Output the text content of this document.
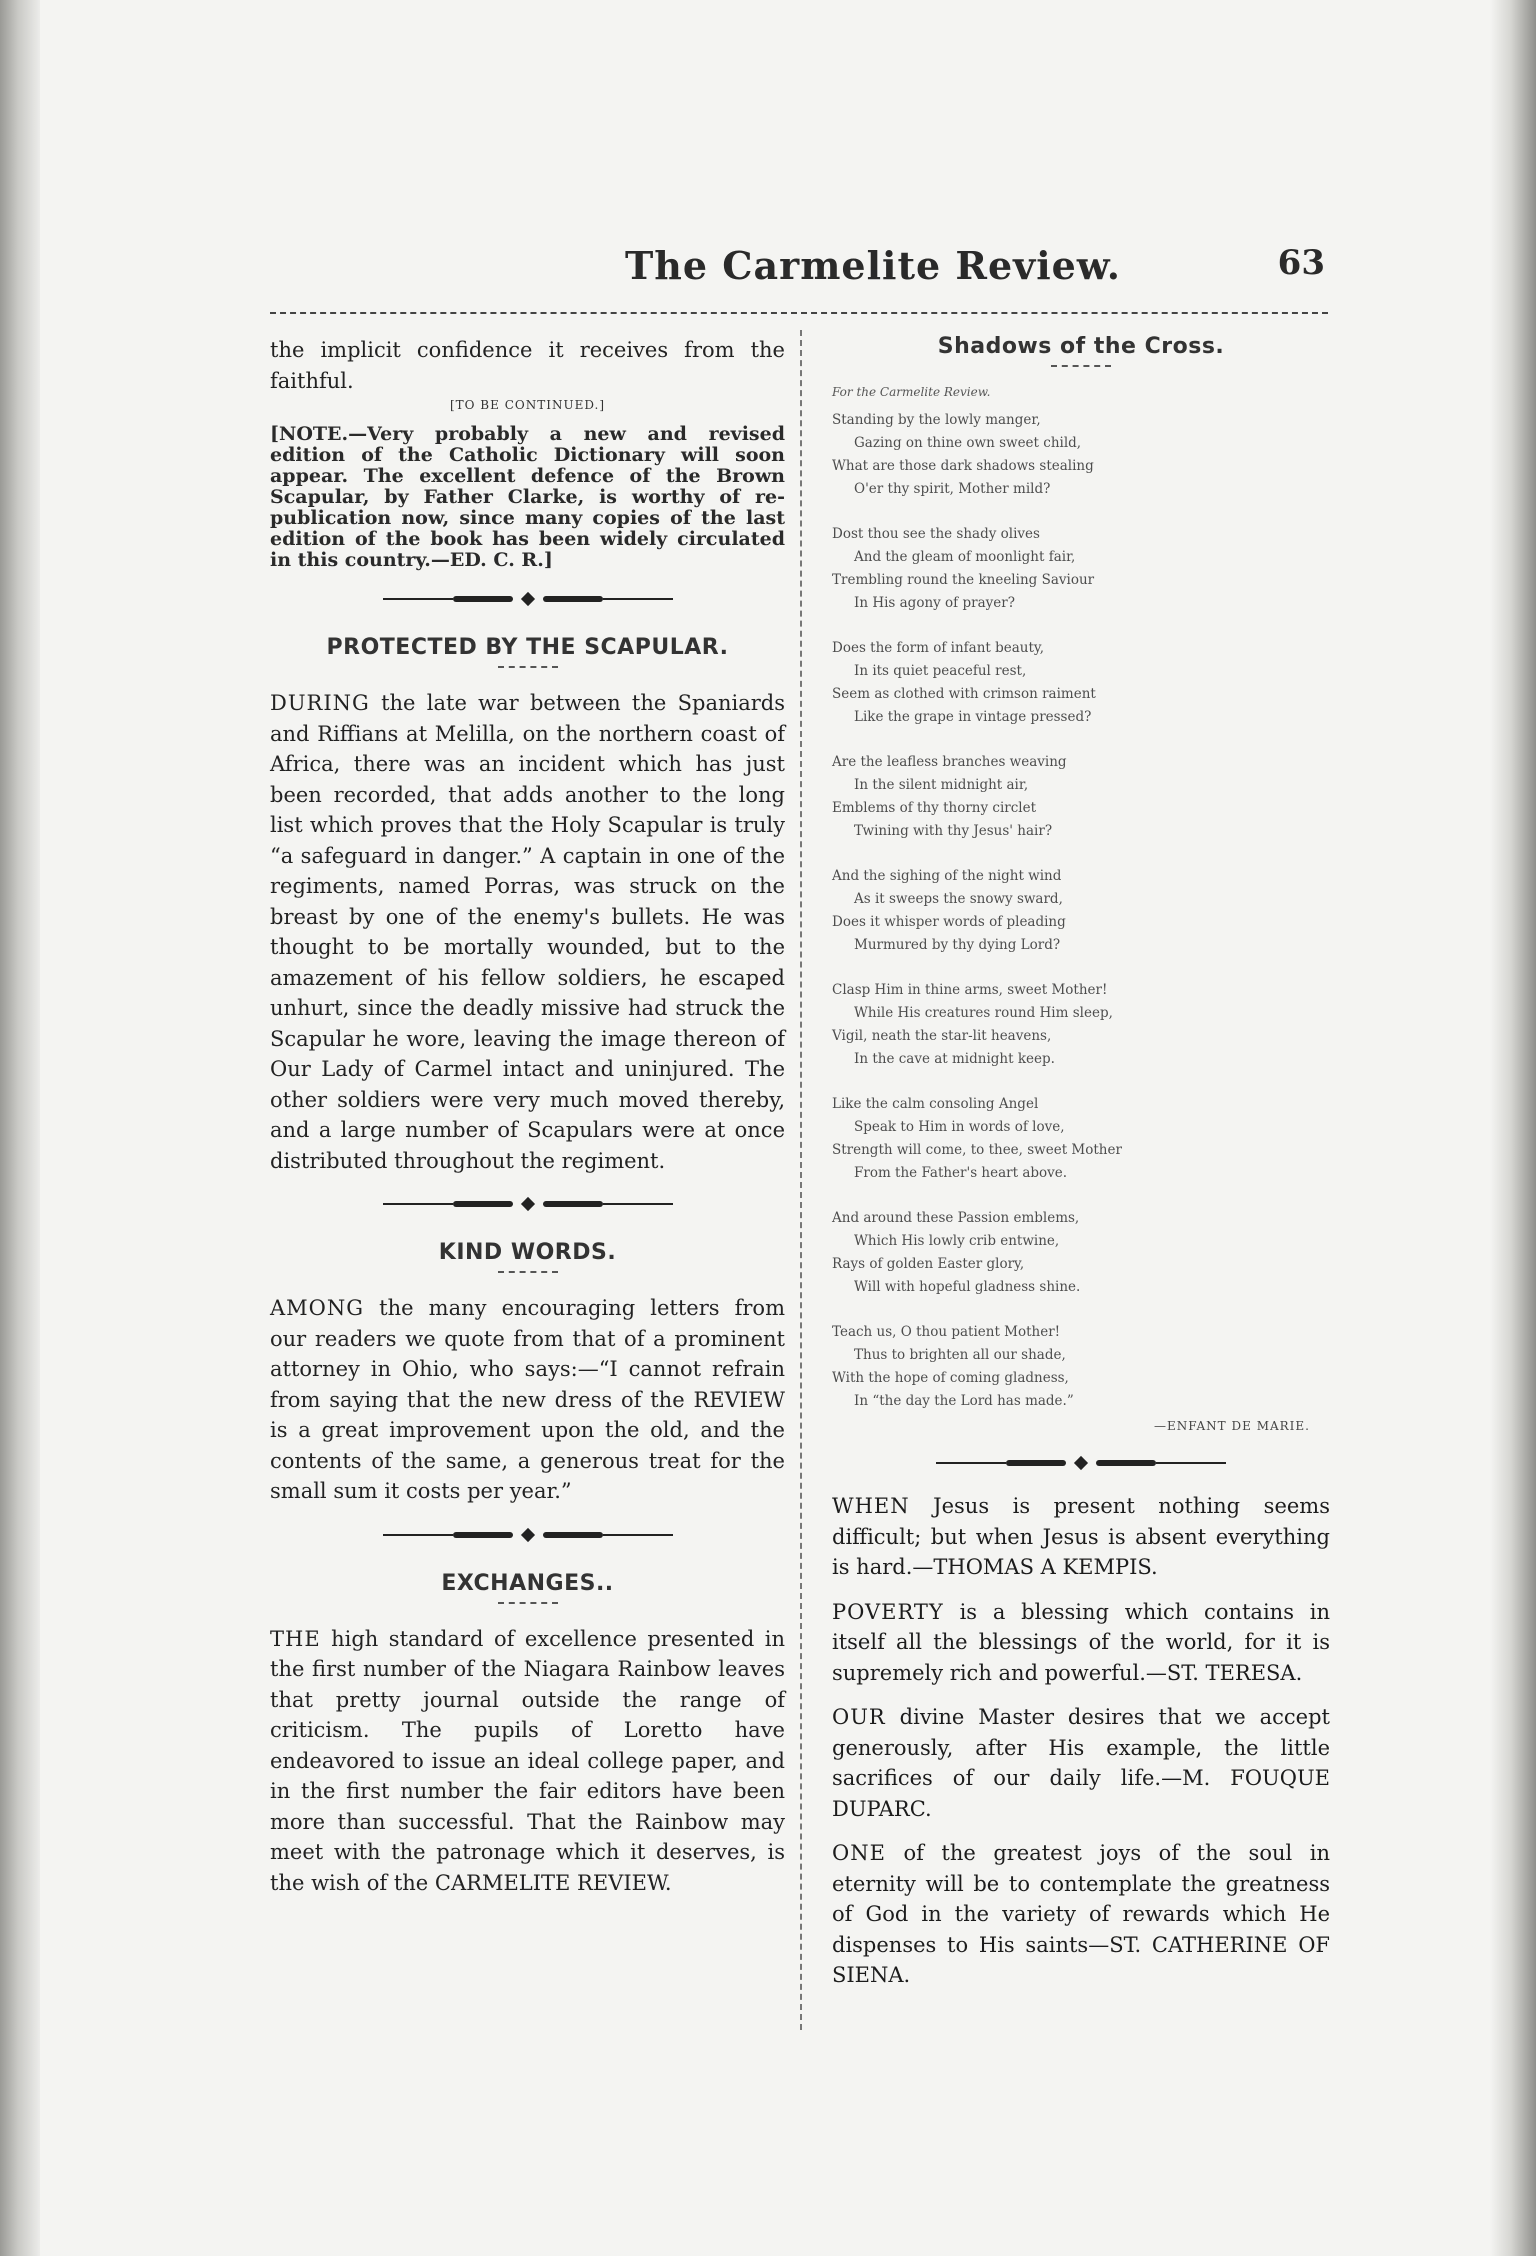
The Carmelite Review.	63

the implicit confidence it receives from the faithful.

[TO BE CONTINUED.]

[NOTE.—Very probably a new and revised edition of the Catholic Dictionary will soon appear. The excellent defence of the Brown Scapular, by Father Clarke, is worthy of re-publication now, since many copies of the last edition of the book has been widely circulated in this country.—ED. C. R.]

PROTECTED BY THE SCAPULAR.

DURING the late war between the Spaniards and Riffians at Melilla, on the northern coast of Africa, there was an incident which has just been recorded, that adds another to the long list which proves that the Holy Scapular is truly “a safeguard in danger.” A captain in one of the regiments, named Porras, was struck on the breast by one of the enemy's bullets. He was thought to be mortally wounded, but to the amazement of his fellow soldiers, he escaped unhurt, since the deadly missive had struck the Scapular he wore, leaving the image thereon of Our Lady of Carmel intact and uninjured. The other soldiers were very much moved thereby, and a large number of Scapulars were at once distributed throughout the regiment.

KIND WORDS.

AMONG the many encouraging letters from our readers we quote from that of a prominent attorney in Ohio, who says:—“I cannot refrain from saying that the new dress of the REVIEW is a great improvement upon the old, and the contents of the same, a generous treat for the small sum it costs per year.”

EXCHANGES..

THE high standard of excellence presented in the first number of the Niagara Rainbow leaves that pretty journal outside the range of criticism. The pupils of Loretto have endeavored to issue an ideal college paper, and in the first number the fair editors have been more than successful. That the Rainbow may meet with the patronage which it deserves, is the wish of the CARMELITE REVIEW.

Shadows of the Cross.
For the Carmelite Review.
Standing by the lowly manger,
Gazing on thine own sweet child,
What are those dark shadows stealing
O'er thy spirit, Mother mild?
Dost thou see the shady olives
And the gleam of moonlight fair,
Trembling round the kneeling Saviour
In His agony of prayer?
Does the form of infant beauty,
In its quiet peaceful rest,
Seem as clothed with crimson raiment
Like the grape in vintage pressed?
Are the leafless branches weaving
In the silent midnight air,
Emblems of thy thorny circlet
Twining with thy Jesus' hair?
And the sighing of the night wind
As it sweeps the snowy sward,
Does it whisper words of pleading
Murmured by thy dying Lord?
Clasp Him in thine arms, sweet Mother!
While His creatures round Him sleep,
Vigil, neath the star-lit heavens,
In the cave at midnight keep.
Like the calm consoling Angel
Speak to Him in words of love,
Strength will come, to thee, sweet Mother
From the Father's heart above.
And around these Passion emblems,
Which His lowly crib entwine,
Rays of golden Easter glory,
Will with hopeful gladness shine.
Teach us, O thou patient Mother!
Thus to brighten all our shade,
With the hope of coming gladness,
In “the day the Lord has made.”
—ENFANT DE MARIE.

WHEN Jesus is present nothing seems difficult; but when Jesus is absent everything is hard.—THOMAS A KEMPIS.

POVERTY is a blessing which contains in itself all the blessings of the world, for it is supremely rich and powerful.—ST. TERESA.

OUR divine Master desires that we accept generously, after His example, the little sacrifices of our daily life.—M. FOUQUE DUPARC.

ONE of the greatest joys of the soul in eternity will be to contemplate the greatness of God in the variety of rewards which He dispenses to His saints—ST. CATHERINE OF SIENA.
